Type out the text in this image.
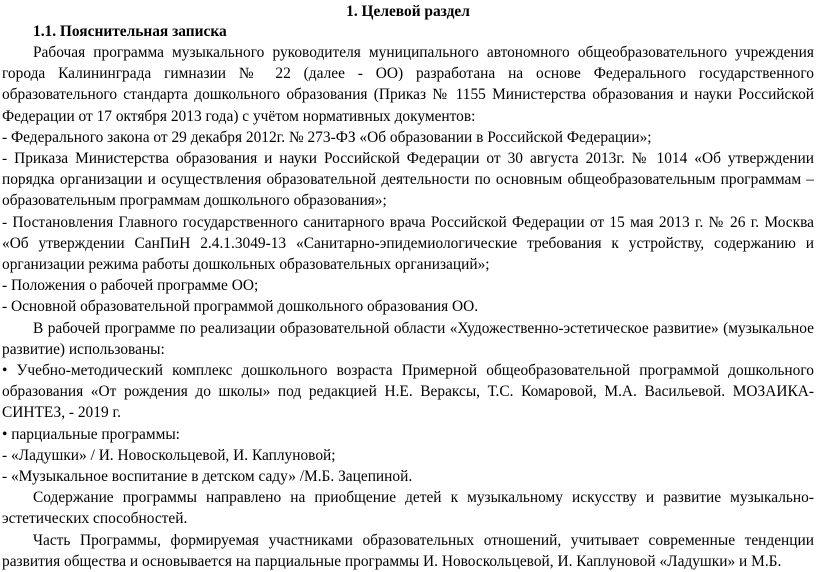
1. Целевой раздел
1.1. Пояснительная записка

Рабочая программа музыкального руководителя муниципального автономного общеобразовательного учреждения города Калининграда гимназии № 22 (далее - ОО) разработана на основе Федерального государственного образовательного стандарта дошкольного образования (Приказ № 1155 Министерства образования и науки Российской Федерации от 17 октября 2013 года) с учётом нормативных документов:

- Федерального закона от 29 декабря 2012г. № 273-ФЗ «Об образовании в Российской Федерации»;

- Приказа Министерства образования и науки Российской Федерации от 30 августа 2013г. № 1014 «Об утверждении порядка организации и осуществления образовательной деятельности по основным общеобразовательным программам – образовательным программам дошкольного образования»;

- Постановления Главного государственного санитарного врача Российской Федерации от 15 мая 2013 г. № 26 г. Москва «Об утверждении СанПиН 2.4.1.3049-13 «Санитарно-эпидемиологические требования к устройству, содержанию и организации режима работы дошкольных образовательных организаций»;

- Положения о рабочей программе ОО;

- Основной образовательной программой дошкольного образования ОО.

В рабочей программе по реализации образовательной области «Художественно-эстетическое развитие» (музыкальное развитие) использованы:

• Учебно-методический комплекс дошкольного возраста Примерной общеобразовательной программой дошкольного образования «От рождения до школы» под редакцией Н.Е. Вераксы, Т.С. Комаровой, М.А. Васильевой. МОЗАИКА-СИНТЕЗ, - 2019 г.

• парциальные программы:

- «Ладушки» / И. Новоскольцевой, И. Каплуновой;

- «Музыкальное воспитание в детском саду» /М.Б. Зацепиной.

Содержание программы направлено на приобщение детей к музыкальному искусству и развитие музыкально-эстетических способностей.

Часть Программы, формируемая участниками образовательных отношений, учитывает современные тенденции развития общества и основывается на парциальные программы И. Новоскольцевой, И. Каплуновой «Ладушки» и М.Б.
